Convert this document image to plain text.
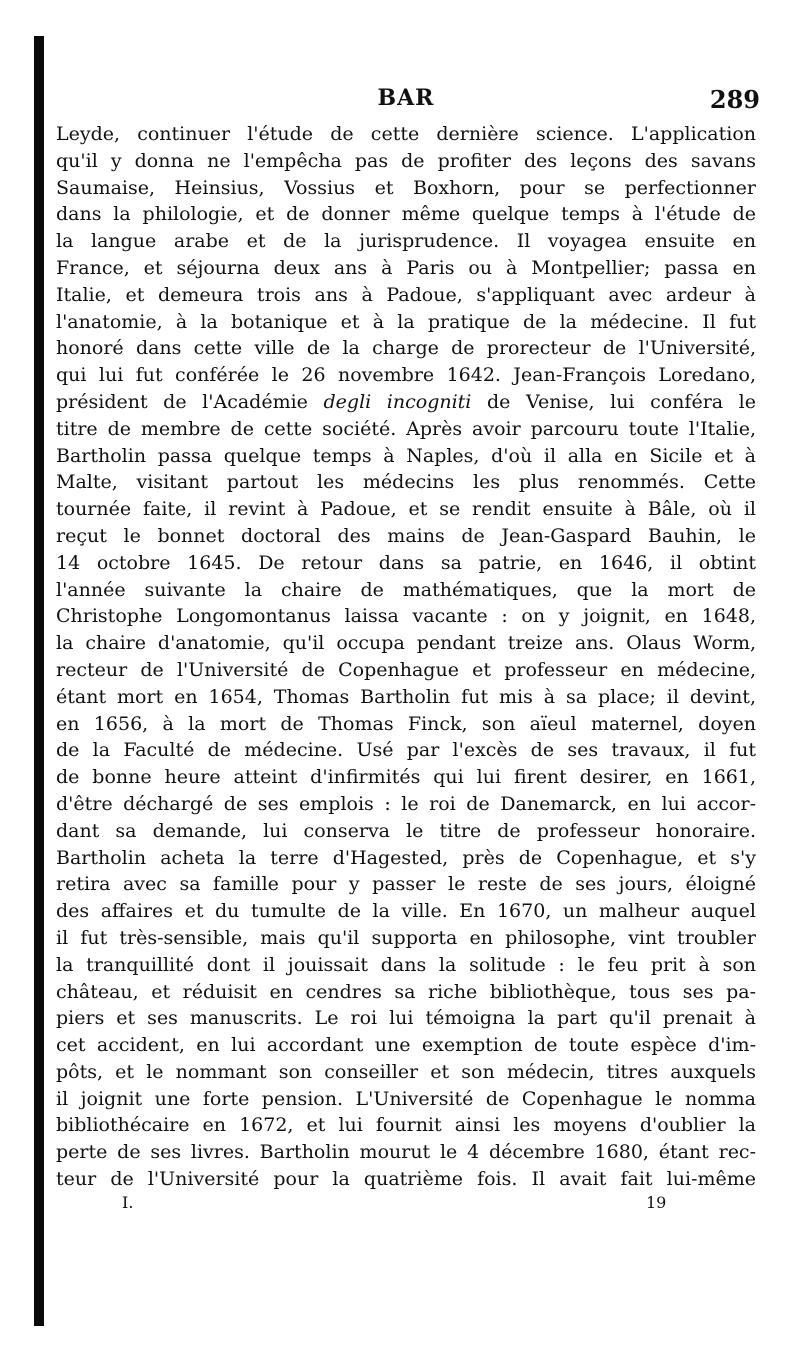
BAR	289
Leyde, continuer l'étude de cette dernière science. L'application
qu'il y donna ne l'empêcha pas de profiter des leçons des savans
Saumaise, Heinsius, Vossius et Boxhorn, pour se perfectionner
dans la philologie, et de donner même quelque temps à l'étude de
la langue arabe et de la jurisprudence. Il voyagea ensuite en
France, et séjourna deux ans à Paris ou à Montpellier; passa en
Italie, et demeura trois ans à Padoue, s'appliquant avec ardeur à
l'anatomie, à la botanique et à la pratique de la médecine. Il fut
honoré dans cette ville de la charge de prorecteur de l'Université,
qui lui fut conférée le 26 novembre 1642. Jean-François Loredano,
président de l'Académie degli incogniti de Venise, lui conféra le
titre de membre de cette société. Après avoir parcouru toute l'Italie,
Bartholin passa quelque temps à Naples, d'où il alla en Sicile et à
Malte, visitant partout les médecins les plus renommés. Cette
tournée faite, il revint à Padoue, et se rendit ensuite à Bâle, où il
reçut le bonnet doctoral des mains de Jean-Gaspard Bauhin, le
14 octobre 1645. De retour dans sa patrie, en 1646, il obtint
l'année suivante la chaire de mathématiques, que la mort de
Christophe Longomontanus laissa vacante : on y joignit, en 1648,
la chaire d'anatomie, qu'il occupa pendant treize ans. Olaus Worm,
recteur de l'Université de Copenhague et professeur en médecine,
étant mort en 1654, Thomas Bartholin fut mis à sa place; il devint,
en 1656, à la mort de Thomas Finck, son aïeul maternel, doyen
de la Faculté de médecine. Usé par l'excès de ses travaux, il fut
de bonne heure atteint d'infirmités qui lui firent desirer, en 1661,
d'être déchargé de ses emplois : le roi de Danemarck, en lui accor-
dant sa demande, lui conserva le titre de professeur honoraire.
Bartholin acheta la terre d'Hagested, près de Copenhague, et s'y
retira avec sa famille pour y passer le reste de ses jours, éloigné
des affaires et du tumulte de la ville. En 1670, un malheur auquel
il fut très-sensible, mais qu'il supporta en philosophe, vint troubler
la tranquillité dont il jouissait dans la solitude : le feu prit à son
château, et réduisit en cendres sa riche bibliothèque, tous ses pa-
piers et ses manuscrits. Le roi lui témoigna la part qu'il prenait à
cet accident, en lui accordant une exemption de toute espèce d'im-
pôts, et le nommant son conseiller et son médecin, titres auxquels
il joignit une forte pension. L'Université de Copenhague le nomma
bibliothécaire en 1672, et lui fournit ainsi les moyens d'oublier la
perte de ses livres. Bartholin mourut le 4 décembre 1680, étant rec-
teur de l'Université pour la quatrième fois. Il avait fait lui-même
I.	19
